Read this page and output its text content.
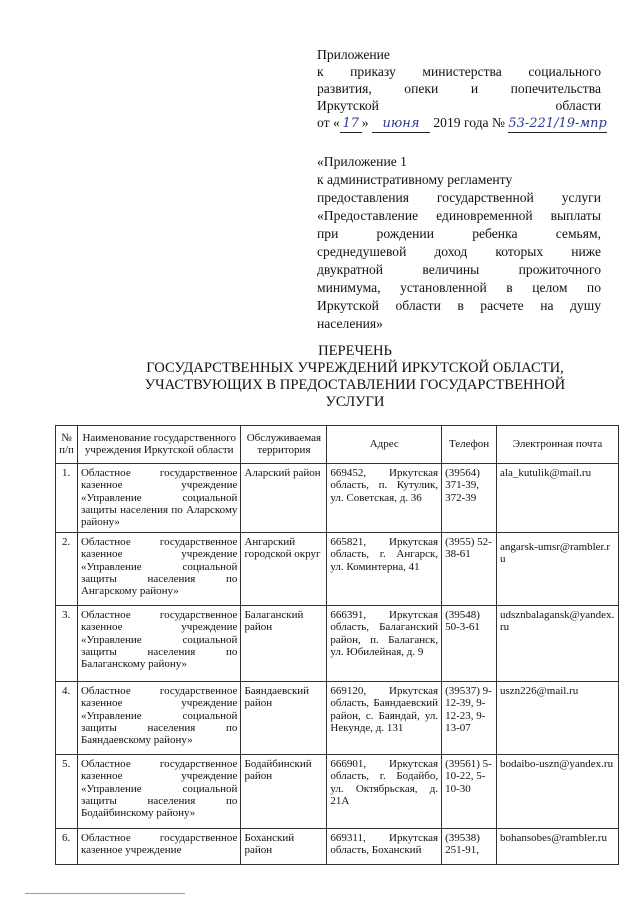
Приложение
к приказу министерства социального
развития, опеки и попечительства
Иркутской	области
от « 17 » июня 2019 года № 53-221/19-мпр
«Приложение 1
к административному регламенту
предоставления государственной услуги
«Предоставление единовременной выплаты
при рождении ребенка семьям,
среднедушевой доход которых ниже
двукратной величины прожиточного
минимума, установленной в целом по
Иркутской области в расчете на душу
населения»
ПЕРЕЧЕНЬ
ГОСУДАРСТВЕННЫХ УЧРЕЖДЕНИЙ ИРКУТСКОЙ ОБЛАСТИ,
УЧАСТВУЮЩИХ В ПРЕДОСТАВЛЕНИИ ГОСУДАРСТВЕННОЙ
УСЛУГИ
№ п/п	Наименование государственного учреждения Иркутской области	Обслуживаемая территория	Адрес	Телефон	Электронная почта
1.	Областное государственное казенное учреждение «Управление социальной защиты населения по Аларскому району»	Аларский район	669452, Иркутская область, п. Кутулик, ул. Советская, д. 36	(39564) 371-39, 372-39	ala_kutulik@mail.ru
2.	Областное государственное казенное учреждение «Управление социальной защиты населения по Ангарскому району»	Ангарский городской округ	665821, Иркутская область, г. Ангарск, ул. Коминтерна, 41	(3955) 52-38-61	angarsk-umsr@rambler.ru
3.	Областное государственное казенное учреждение «Управление социальной защиты населения по Балаганскому району»	Балаганский район	666391, Иркутская область, Балаганский район, п. Балаганск, ул. Юбилейная, д. 9	(39548) 50-3-61	udsznbalagansk@yandex.ru
4.	Областное государственное казенное учреждение «Управление социальной защиты населения по Баяндаевскому району»	Баяндаевский район	669120, Иркутская область, Баяндаевский район, с. Баяндай, ул. Некунде, д. 131	(39537) 9-12-39, 9-12-23, 9-13-07	uszn226@mail.ru
5.	Областное государственное казенное учреждение «Управление социальной защиты населения по Бодайбинскому району»	Бодайбинский район	666901, Иркутская область, г. Бодайбо, ул. Октябрьская, д. 21А	(39561) 5-10-22, 5-10-30	bodaibo-uszn@yandex.ru
6.	Областное государственное казенное учреждение	Боханский район	669311, Иркутская область, Боханский	(39538) 251-91,	bohansobes@rambler.ru
